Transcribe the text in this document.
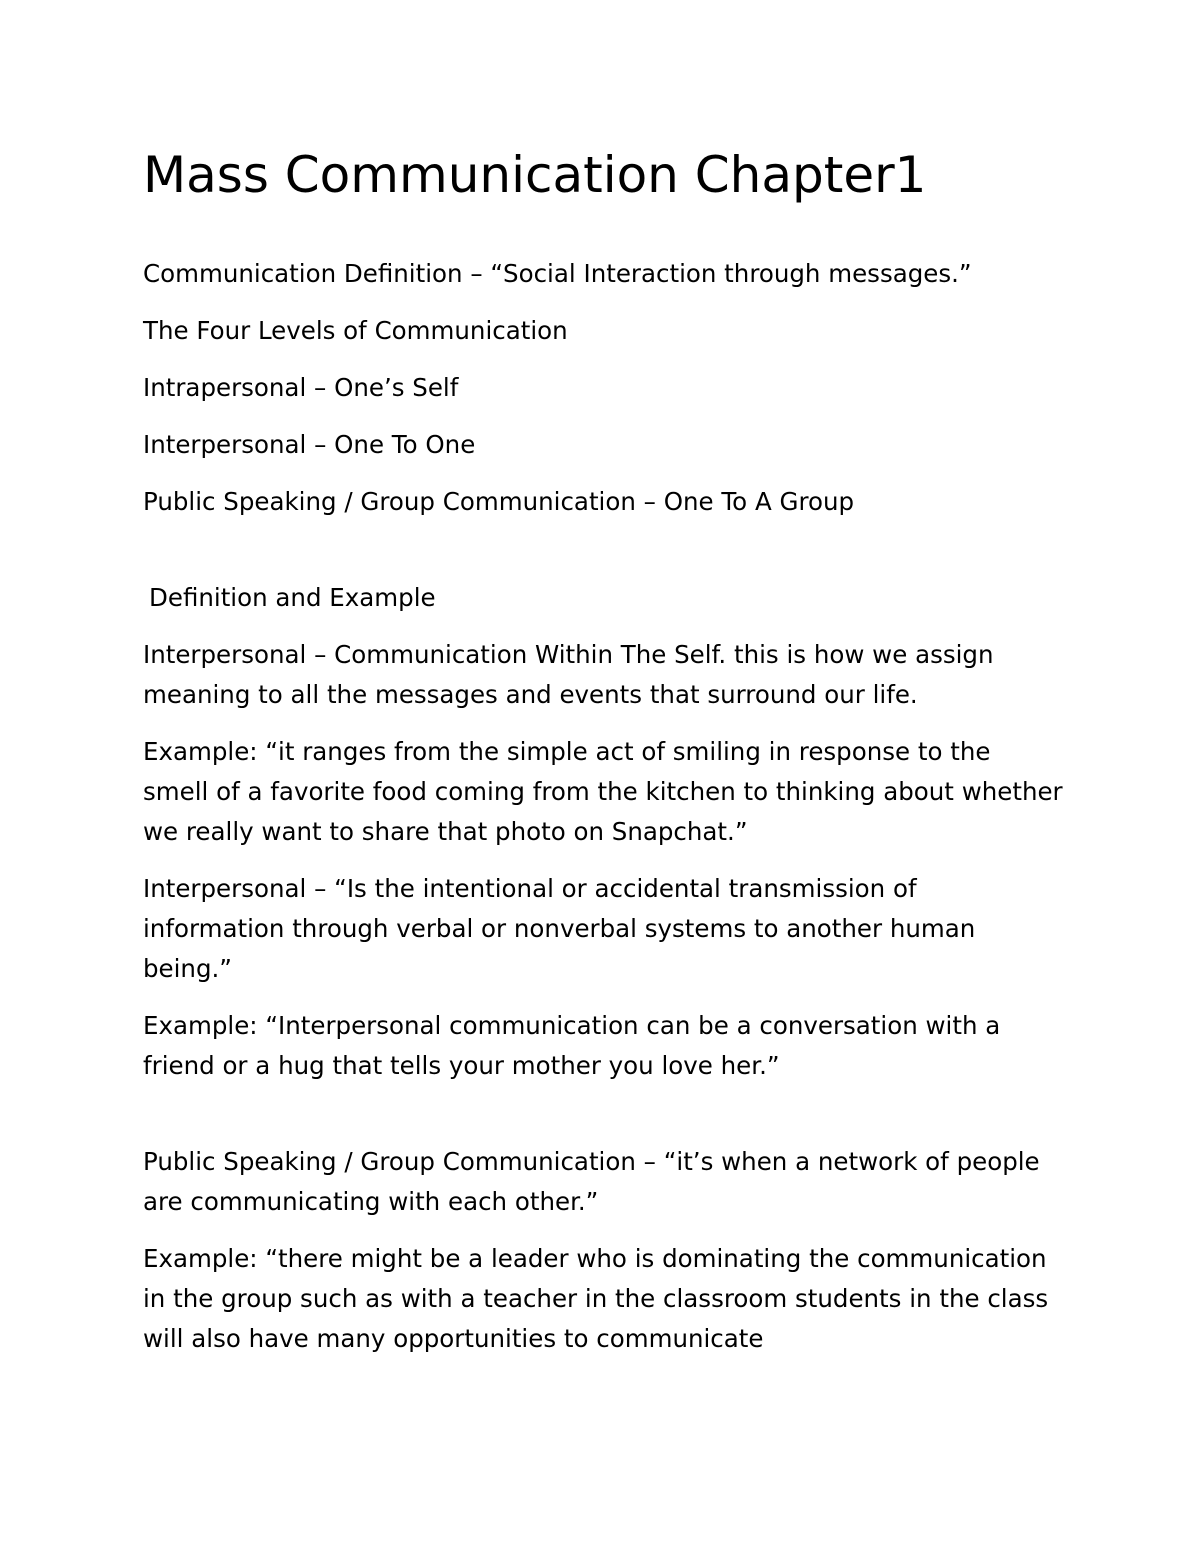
Mass Communication Chapter1

Communication Definition – “Social Interaction through messages.”

The Four Levels of Communication

Intrapersonal – One’s Self

Interpersonal – One To One

Public Speaking / Group Communication – One To A Group

Definition and Example

Interpersonal – Communication Within The Self. this is how we assign meaning to all the messages and events that surround our life.

Example: “it ranges from the simple act of smiling in response to the smell of a favorite food coming from the kitchen to thinking about whether we really want to share that photo on Snapchat.”

Interpersonal – “Is the intentional or accidental transmission of information through verbal or nonverbal systems to another human being.”

Example: “Interpersonal communication can be a conversation with a friend or a hug that tells your mother you love her.”

Public Speaking / Group Communication – “it’s when a network of people are communicating with each other.”

Example: “there might be a leader who is dominating the communication in the group such as with a teacher in the classroom students in the class will also have many opportunities to communicate
